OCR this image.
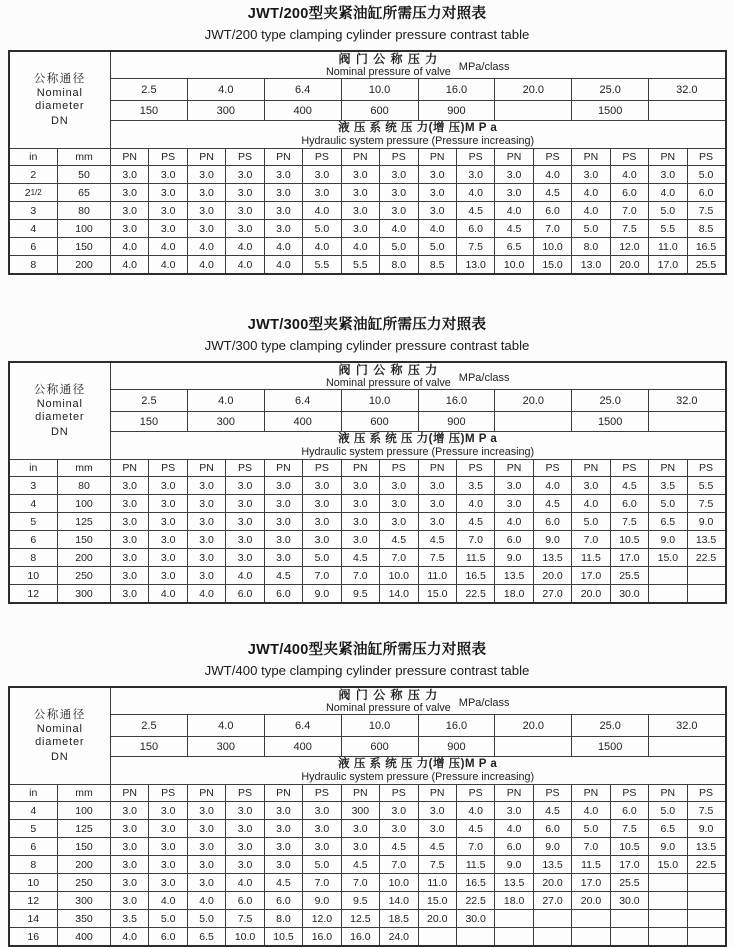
JWT/200型夹紧油缸所需压力对照表
JWT/200 type clamping cylinder pressure contrast table
公称通径
Nominal
diameter
DN

阀 门 公 称 压 力
Nominal pressure of valve MPa/class

		2.5		4.0		6.4		10.0		16.0		20.0		25.0		32.0	
		150		300		400		600		900				1500			

		液 压 系 统 压 力(增 压)M P a
Hydraulic system pressure (Pressure increasing)															

in	mm	PN	PS	PN	PS	PN	PS	PN	PS	PN	PS	PN	PS	PN	PS	PN	PS
2	50	3.0	3.0	3.0	3.0	3.0	3.0	3.0	3.0	3.0	3.0	3.0	4.0	3.0	4.0	3.0	5.0
21/2	65	3.0	3.0	3.0	3.0	3.0	3.0	3.0	3.0	3.0	4.0	3.0	4.5	4.0	6.0	4.0	6.0
3	80	3.0	3.0	3.0	3.0	3.0	4.0	3.0	3.0	3.0	4.5	4.0	6.0	4.0	7.0	5.0	7.5
4	100	3.0	3.0	3.0	3.0	3.0	5.0	3.0	4.0	4.0	6.0	4.5	7.0	5.0	7.5	5.5	8.5
6	150	4.0	4.0	4.0	4.0	4.0	4.0	4.0	5.0	5.0	7.5	6.5	10.0	8.0	12.0	11.0	16.5
8	200	4.0	4.0	4.0	4.0	4.0	5.5	5.5	8.0	8.5	13.0	10.0	15.0	13.0	20.0	17.0	25.5
JWT/300型夹紧油缸所需压力对照表
JWT/300 type clamping cylinder pressure contrast table
公称通径
Nominal
diameter
DN

阀 门 公 称 压 力
Nominal pressure of valve MPa/class

		2.5		4.0		6.4		10.0		16.0		20.0		25.0		32.0	
		150		300		400		600		900				1500			

		液 压 系 统 压 力(增 压)M P a
Hydraulic system pressure (Pressure increasing)															

in	mm	PN	PS	PN	PS	PN	PS	PN	PS	PN	PS	PN	PS	PN	PS	PN	PS
3	80	3.0	3.0	3.0	3.0	3.0	3.0	3.0	3.0	3.0	3.5	3.0	4.0	3.0	4.5	3.5	5.5
4	100	3.0	3.0	3.0	3.0	3.0	3.0	3.0	3.0	3.0	4.0	3.0	4.5	4.0	6.0	5.0	7.5
5	125	3.0	3.0	3.0	3.0	3.0	3.0	3.0	3.0	3.0	4.5	4.0	6.0	5.0	7.5	6.5	9.0
6	150	3.0	3.0	3.0	3.0	3.0	3.0	3.0	4.5	4.5	7.0	6.0	9.0	7.0	10.5	9.0	13.5
8	200	3.0	3.0	3.0	3.0	3.0	5.0	4.5	7.0	7.5	11.5	9.0	13.5	11.5	17.0	15.0	22.5
10	250	3.0	3.0	3.0	4.0	4.5	7.0	7.0	10.0	11.0	16.5	13.5	20.0	17.0	25.5		
12	300	3.0	4.0	4.0	6.0	6.0	9.0	9.5	14.0	15.0	22.5	18.0	27.0	20.0	30.0		
JWT/400型夹紧油缸所需压力对照表
JWT/400 type clamping cylinder pressure contrast table
公称通径
Nominal
diameter
DN

阀 门 公 称 压 力
Nominal pressure of valve MPa/class

		2.5		4.0		6.4		10.0		16.0		20.0		25.0		32.0	
		150		300		400		600		900				1500			

		液 压 系 统 压 力(增 压)M P a
Hydraulic system pressure (Pressure increasing)															

in	mm	PN	PS	PN	PS	PN	PS	PN	PS	PN	PS	PN	PS	PN	PS	PN	PS
4	100	3.0	3.0	3.0	3.0	3.0	3.0	300	3.0	3.0	4.0	3.0	4.5	4.0	6.0	5.0	7.5
5	125	3.0	3.0	3.0	3.0	3.0	3.0	3.0	3.0	3.0	4.5	4.0	6.0	5.0	7.5	6.5	9.0
6	150	3.0	3.0	3.0	3.0	3.0	3.0	3.0	4.5	4.5	7.0	6.0	9.0	7.0	10.5	9.0	13.5
8	200	3.0	3.0	3.0	3.0	3.0	5.0	4.5	7.0	7.5	11.5	9.0	13.5	11.5	17.0	15.0	22.5
10	250	3.0	3.0	3.0	4.0	4.5	7.0	7.0	10.0	11.0	16.5	13.5	20.0	17.0	25.5		
12	300	3.0	4.0	4.0	6.0	6.0	9.0	9.5	14.0	15.0	22.5	18.0	27.0	20.0	30.0		
14	350	3.5	5.0	5.0	7.5	8.0	12.0	12.5	18.5	20.0	30.0						
16	400	4.0	6.0	6.5	10.0	10.5	16.0	16.0	24.0								
